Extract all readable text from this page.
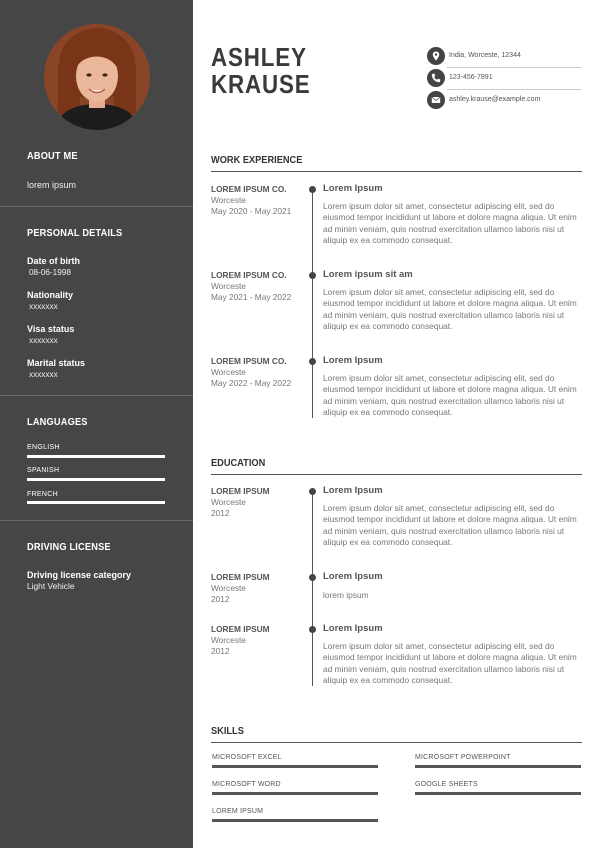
ABOUT ME
lorem ipsum
PERSONAL DETAILS
Date of birth
08-06-1998
Nationality
xxxxxxx
Visa status
xxxxxxx
Marital status
xxxxxxx
LANGUAGES
ENGLISH
SPANISH
FRENCH
DRIVING LICENSE
Driving license category
Light Vehicle
ASHLEY
KRAUSE
India, Worceste, 12344
123-456-7891
ashley.krause@example.com
WORK EXPERIENCE
LOREM IPSUM CO.
Worceste
May 2020 - May 2021
Lorem Ipsum
Lorem ipsum dolor sit amet, consectetur adipiscing elit, sed do eiusmod tempor incididunt ut labore et dolore magna aliqua. Ut enim ad minim veniam, quis nostrud exercitation ullamco laboris nisi ut aliquip ex ea commodo consequat.
LOREM IPSUM CO.
Worceste
May 2021 - May 2022
Lorem ipsum sit am
Lorem ipsum dolor sit amet, consectetur adipiscing elit, sed do eiusmod tempor incididunt ut labore et dolore magna aliqua. Ut enim ad minim veniam, quis nostrud exercitation ullamco laboris nisi ut aliquip ex ea commodo consequat.
LOREM IPSUM CO.
Worceste
May 2022 - May 2022
Lorem Ipsum
Lorem ipsum dolor sit amet, consectetur adipiscing elit, sed do eiusmod tempor incididunt ut labore et dolore magna aliqua. Ut enim ad minim veniam, quis nostrud exercitation ullamco laboris nisi ut aliquip ex ea commodo consequat.
EDUCATION
LOREM IPSUM
Worceste
2012
Lorem Ipsum
Lorem ipsum dolor sit amet, consectetur adipiscing elit, sed do eiusmod tempor incididunt ut labore et dolore magna aliqua. Ut enim ad minim veniam, quis nostrud exercitation ullamco laboris nisi ut aliquip ex ea commodo consequat.
LOREM IPSUM
Worceste
2012
Lorem Ipsum
lorem ipsum
LOREM IPSUM
Worceste
2012
Lorem Ipsum
Lorem ipsum dolor sit amet, consectetur adipiscing elit, sed do eiusmod tempor incididunt ut labore et dolore magna aliqua. Ut enim ad minim veniam, quis nostrud exercitation ullamco laboris nisi ut aliquip ex ea commodo consequat.
SKILLS
MICROSOFT EXCEL	MICROSOFT POWERPOINT
MICROSOFT WORD	GOOGLE SHEETS
LOREM IPSUM
